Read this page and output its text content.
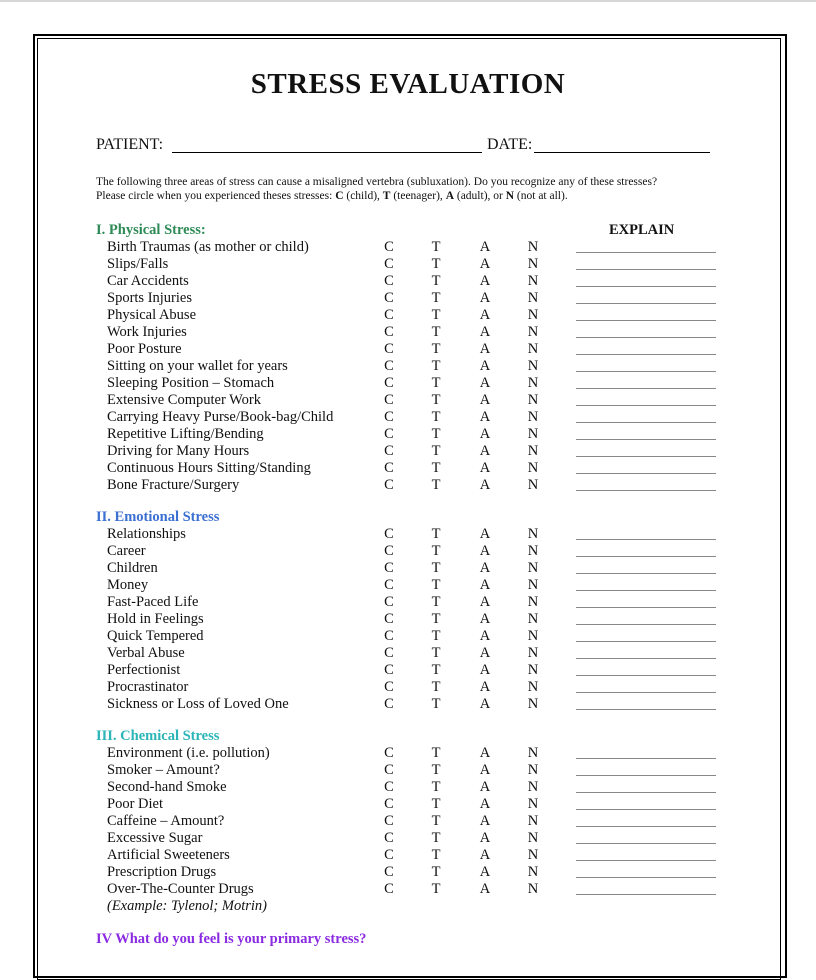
STRESS EVALUATION
PATIENT:	DATE:
The following three areas of stress can cause a misaligned vertebra (subluxation). Do you recognize any of these stresses?
Please circle when you experienced theses stresses: C (child), T (teenager), A (adult), or N (not at all).
EXPLAIN
I. Physical Stress:
Birth Traumas (as mother or child)	C	T	A	N
Slips/Falls	C	T	A	N
Car Accidents	C	T	A	N
Sports Injuries	C	T	A	N
Physical Abuse	C	T	A	N
Work Injuries	C	T	A	N
Poor Posture	C	T	A	N
Sitting on your wallet for years	C	T	A	N
Sleeping Position – Stomach	C	T	A	N
Extensive Computer Work	C	T	A	N
Carrying Heavy Purse/Book-bag/Child	C	T	A	N
Repetitive Lifting/Bending	C	T	A	N
Driving for Many Hours	C	T	A	N
Continuous Hours Sitting/Standing	C	T	A	N
Bone Fracture/Surgery	C	T	A	N
II. Emotional Stress
Relationships	C	T	A	N
Career	C	T	A	N
Children	C	T	A	N
Money	C	T	A	N
Fast-Paced Life	C	T	A	N
Hold in Feelings	C	T	A	N
Quick Tempered	C	T	A	N
Verbal Abuse	C	T	A	N
Perfectionist	C	T	A	N
Procrastinator	C	T	A	N
Sickness or Loss of Loved One	C	T	A	N
III. Chemical Stress
Environment (i.e. pollution)	C	T	A	N
Smoker – Amount?	C	T	A	N
Second-hand Smoke	C	T	A	N
Poor Diet	C	T	A	N
Caffeine – Amount?	C	T	A	N
Excessive Sugar	C	T	A	N
Artificial Sweeteners	C	T	A	N
Prescription Drugs	C	T	A	N
Over-The-Counter Drugs	C	T	A	N
(Example: Tylenol; Motrin)
IV What do you feel is your primary stress?
